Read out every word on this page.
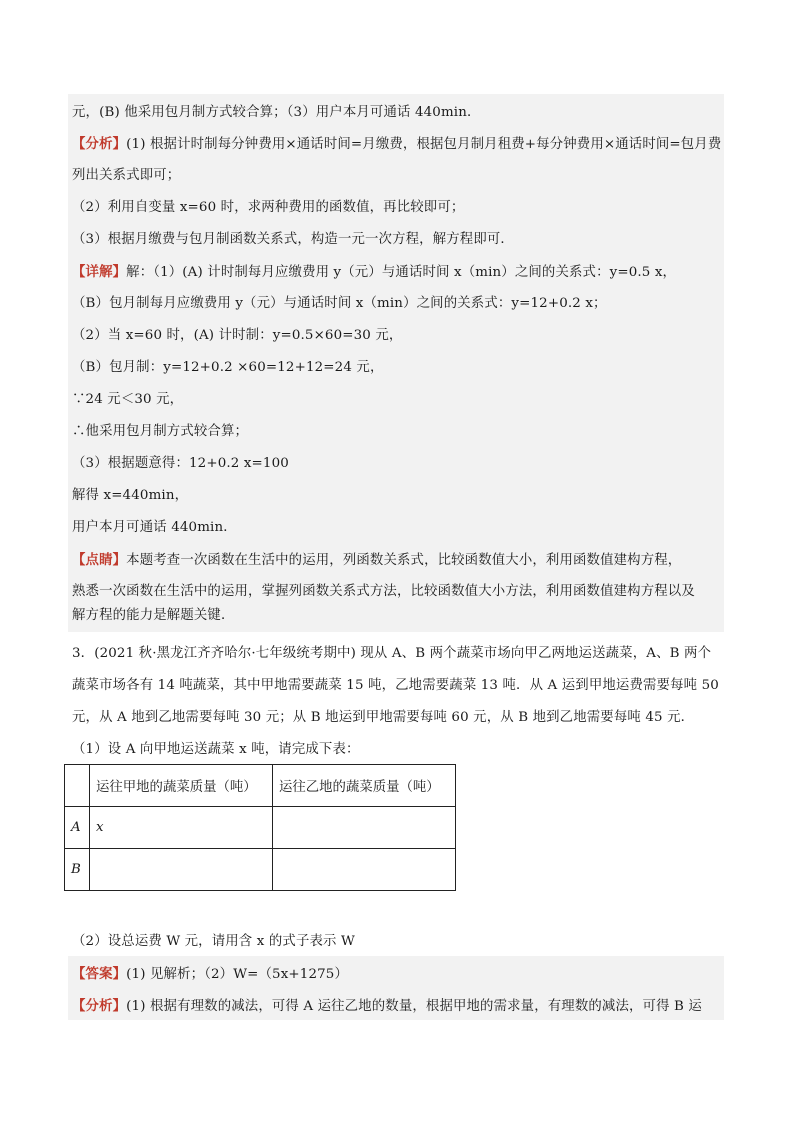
元，(B) 他采用包月制方式较合算；（3）用户本月可通话 440min．
【分析】(1) 根据计时制每分钟费用×通话时间=月缴费，根据包月制月租费+每分钟费用×通话时间=包月费
列出关系式即可；
（2）利用自变量 x=60 时，求两种费用的函数值，再比较即可；
（3）根据月缴费与包月制函数关系式，构造一元一次方程，解方程即可．
【详解】解：（1）(A) 计时制每月应缴费用 y（元）与通话时间 x（min）之间的关系式：y=0.5 x，
（B）包月制每月应缴费用 y（元）与通话时间 x（min）之间的关系式：y=12+0.2 x；
（2）当 x=60 时，(A) 计时制：y=0.5×60=30 元，
（B）包月制：y=12+0.2 ×60=12+12=24 元，
∵24 元＜30 元，
∴他采用包月制方式较合算；
（3）根据题意得：12+0.2 x=100
解得 x=440min，
用户本月可通话 440min．
【点睛】本题考查一次函数在生活中的运用，列函数关系式，比较函数值大小，利用函数值建构方程，
熟悉一次函数在生活中的运用，掌握列函数关系式方法，比较函数值大小方法，利用函数值建构方程以及
解方程的能力是解题关键．
3．(2021 秋·黑龙江齐齐哈尔·七年级统考期中) 现从 A、B 两个蔬菜市场向甲乙两地运送蔬菜，A、B 两个
蔬菜市场各有 14 吨蔬菜，其中甲地需要蔬菜 15 吨，乙地需要蔬菜 13 吨．从 A 运到甲地运费需要每吨 50
元，从 A 地到乙地需要每吨 30 元；从 B 地运到甲地需要每吨 60 元，从 B 地到乙地需要每吨 45 元．
（1）设 A 向甲地运送蔬菜 x 吨，请完成下表：
	运往甲地的蔬菜质量（吨）	运往乙地的蔬菜质量（吨）
A	x	
B		
（2）设总运费 W 元，请用含 x 的式子表示 W
【答案】(1) 见解析；（2）W=（5x+1275）
【分析】(1) 根据有理数的减法，可得 A 运往乙地的数量，根据甲地的需求量，有理数的减法，可得 B 运
